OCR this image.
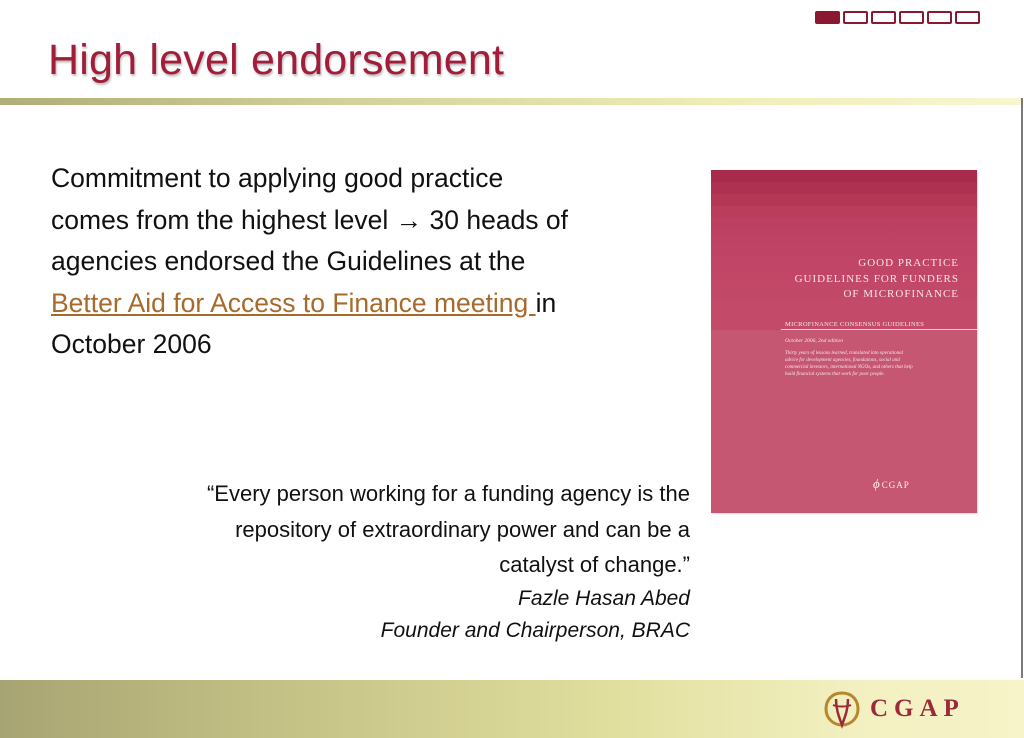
High level endorsement
Commitment to applying good practice
comes from the highest level → 30 heads of
agencies endorsed the Guidelines at the
Better Aid for Access to Finance meeting in
October 2006
“Every person working for a funding agency is the
repository of extraordinary power and can be a
catalyst of change.”
Fazle Hasan Abed
Founder and Chairperson, BRAC
GOOD PRACTICE
GUIDELINES FOR FUNDERS
OF MICROFINANCE
MICROFINANCE CONSENSUS GUIDELINES
October 2006, 2nd edition
Thirty years of lessons learned, translated into operational advice for development agencies, foundations, social and commercial investors, international NGOs, and others that help build financial systems that work for poor people.
ϕCGAP
CGAP
